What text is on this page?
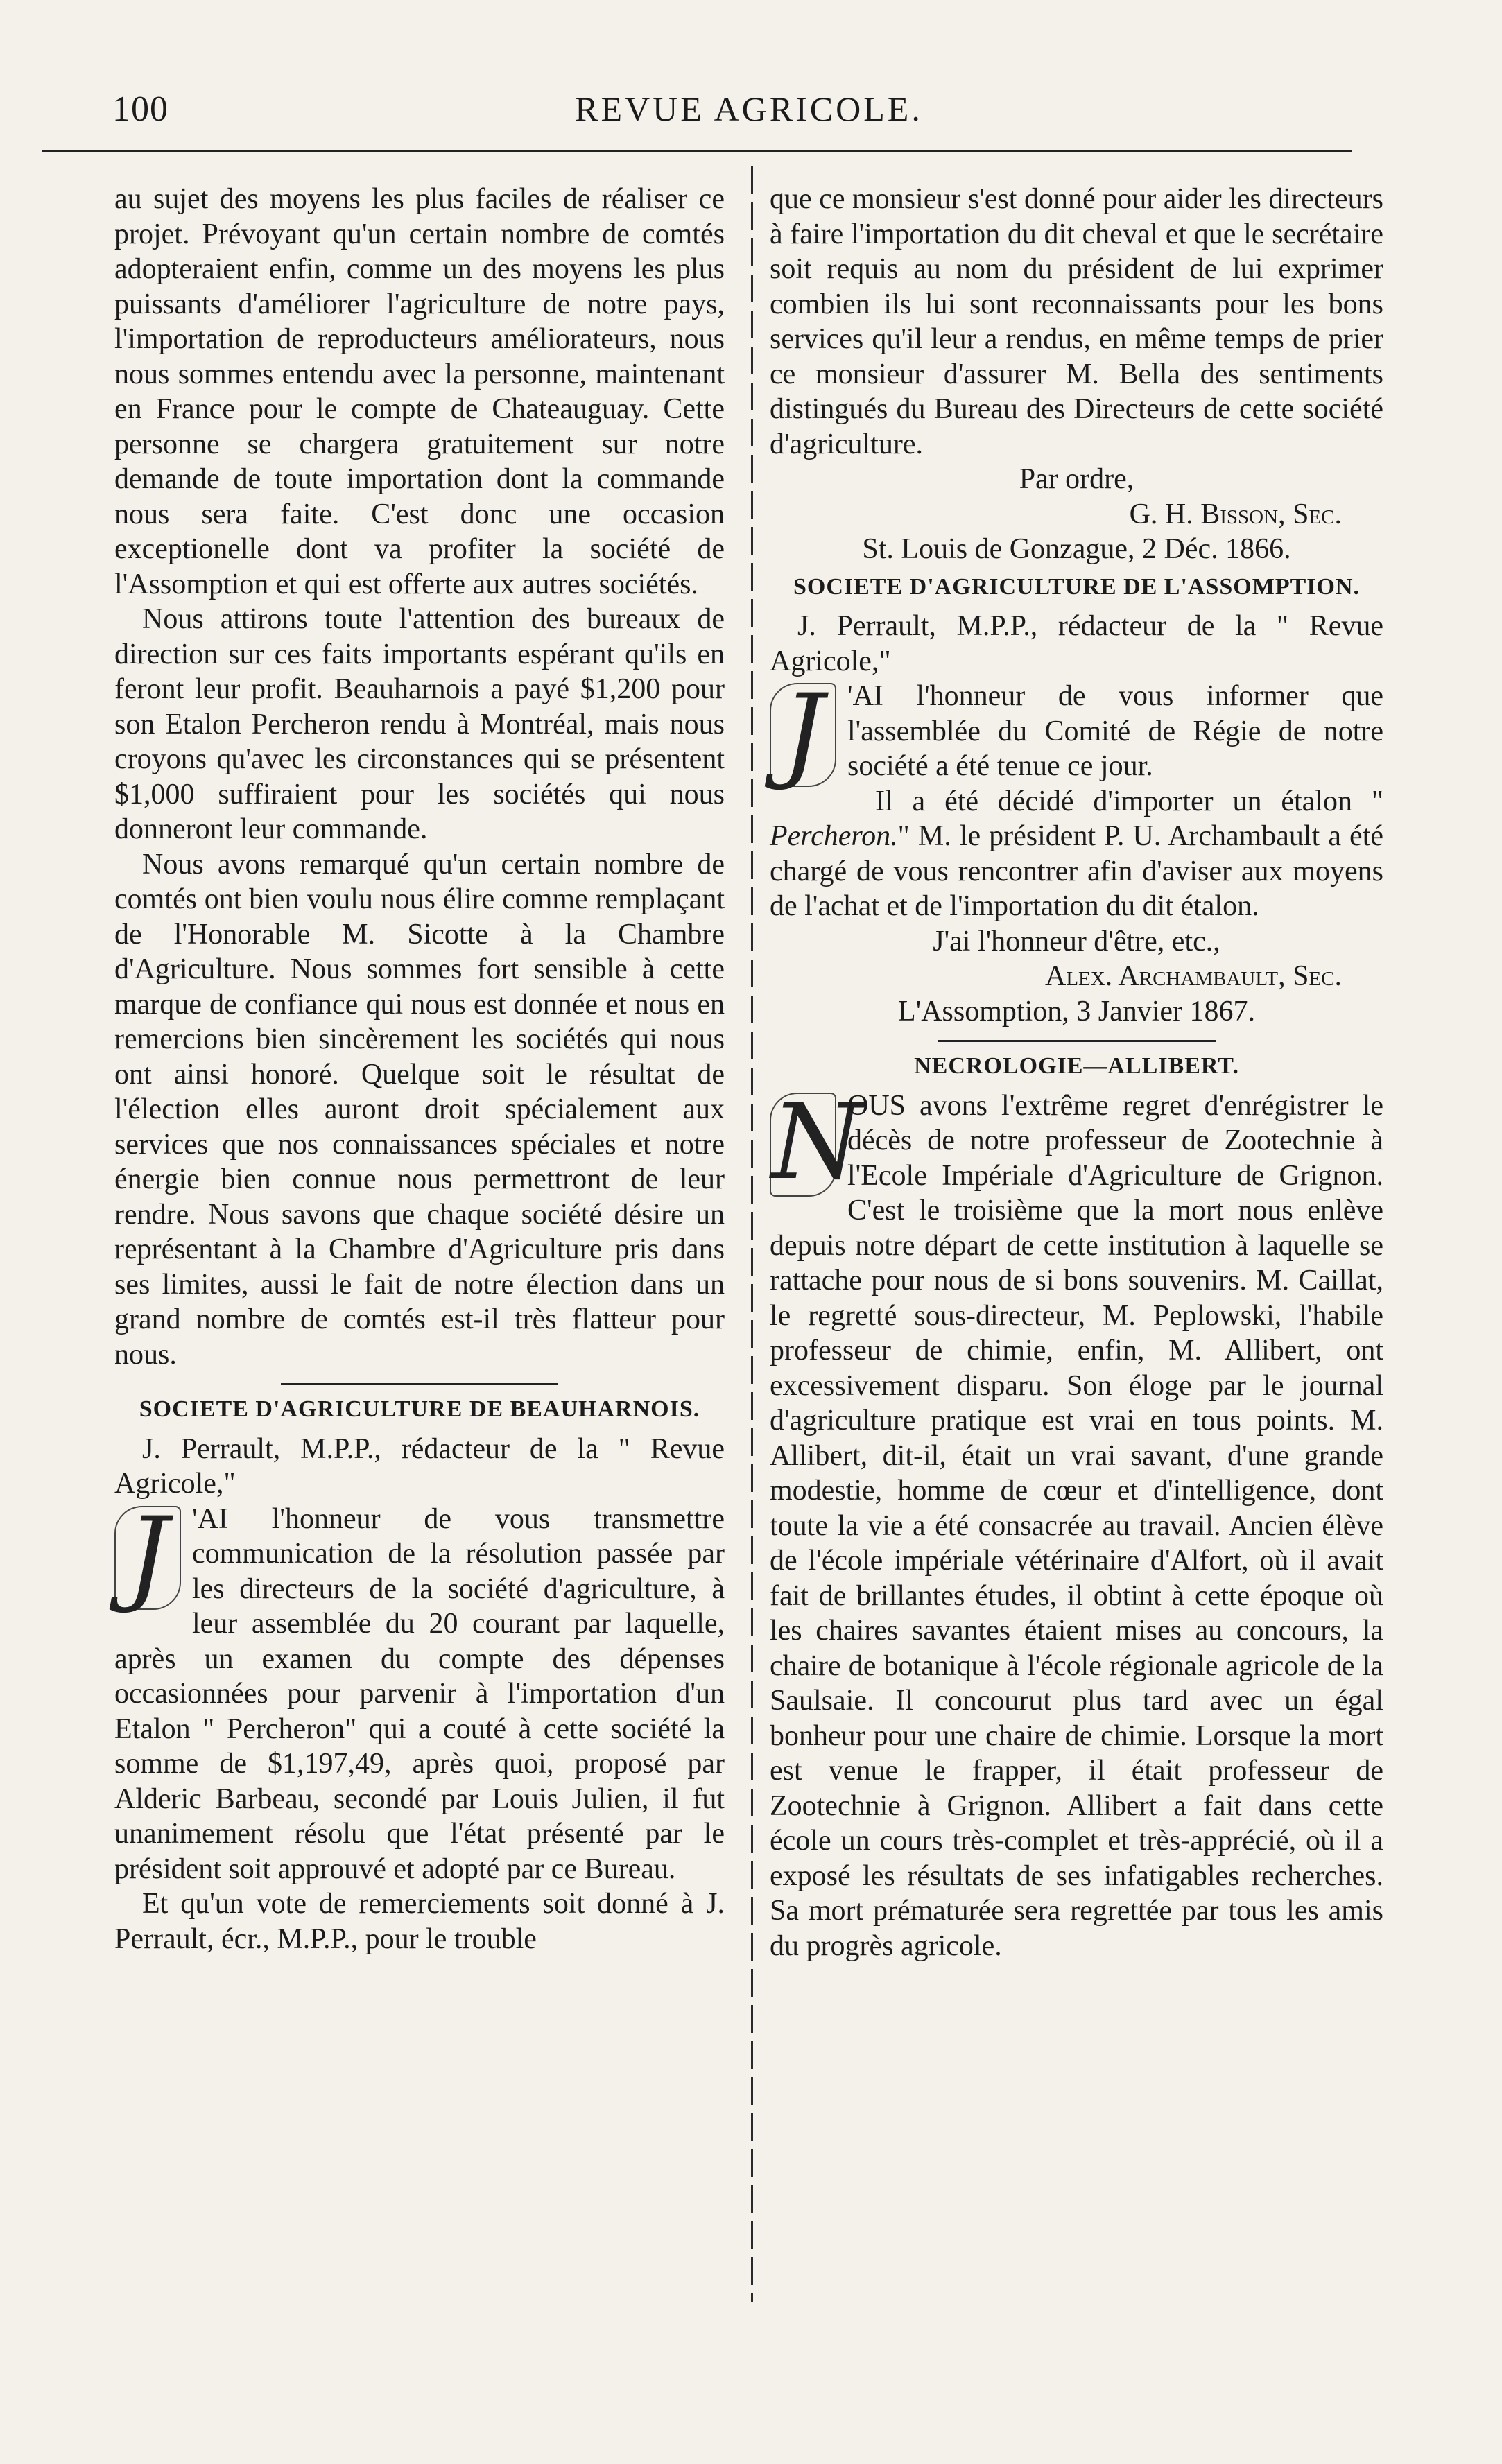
100	REVUE AGRICOLE.

au sujet des moyens les plus faciles de réaliser ce projet. Prévoyant qu'un certain nombre de comtés adopteraient enfin, comme un des moyens les plus puissants d'améliorer l'agriculture de notre pays, l'importation de reproducteurs améliorateurs, nous nous sommes entendu avec la personne, maintenant en France pour le compte de Chateauguay. Cette personne se chargera gratuitement sur notre demande de toute importation dont la commande nous sera faite. C'est donc une occasion exceptionelle dont va profiter la société de l'Assomption et qui est offerte aux autres sociétés.

Nous attirons toute l'attention des bureaux de direction sur ces faits importants espérant qu'ils en feront leur profit. Beauharnois a payé $1,200 pour son Etalon Percheron rendu à Montréal, mais nous croyons qu'avec les circonstances qui se présentent $1,000 suffiraient pour les sociétés qui nous donneront leur commande.

Nous avons remarqué qu'un certain nombre de comtés ont bien voulu nous élire comme remplaçant de l'Honorable M. Sicotte à la Chambre d'Agriculture. Nous sommes fort sensible à cette marque de confiance qui nous est donnée et nous en remercions bien sincèrement les sociétés qui nous ont ainsi honoré. Quelque soit le résultat de l'élection elles auront droit spécialement aux services que nos connaissances spéciales et notre énergie bien connue nous permettront de leur rendre. Nous savons que chaque société désire un représentant à la Chambre d'Agriculture pris dans ses limites, aussi le fait de notre élection dans un grand nombre de comtés est-il très flatteur pour nous.

SOCIETE D'AGRICULTURE DE BEAUHARNOIS.

J. Perrault, M.P.P., rédacteur de la " Revue Agricole,"

J 'AI l'honneur de vous transmettre communication de la résolution passée par les directeurs de la société d'agriculture, à leur assemblée du 20 courant par laquelle, après un examen du compte des dépenses occasionnées pour parvenir à l'importation d'un Etalon " Percheron" qui a couté à cette société la somme de $1,197,49, après quoi, proposé par Alderic Barbeau, secondé par Louis Julien, il fut unanimement résolu que l'état présenté par le président soit approuvé et adopté par ce Bureau.

Et qu'un vote de remerciements soit donné à J. Perrault, écr., M.P.P., pour le trouble

que ce monsieur s'est donné pour aider les directeurs à faire l'importation du dit cheval et que le secrétaire soit requis au nom du président de lui exprimer combien ils lui sont reconnaissants pour les bons services qu'il leur a rendus, en même temps de prier ce monsieur d'assurer M. Bella des sentiments distingués du Bureau des Directeurs de cette société d'agriculture.

Par ordre,

G. H. Bisson, Sec.

St. Louis de Gonzague, 2 Déc. 1866.

SOCIETE D'AGRICULTURE DE L'ASSOMPTION.

J. Perrault, M.P.P., rédacteur de la " Revue Agricole,"

J 'AI l'honneur de vous informer que l'assemblée du Comité de Régie de notre société a été tenue ce jour.

Il a été décidé d'importer un étalon " Percheron." M. le président P. U. Archambault a été chargé de vous rencontrer afin d'aviser aux moyens de l'achat et de l'importation du dit étalon.

J'ai l'honneur d'être, etc.,

Alex. Archambault, Sec.

L'Assomption, 3 Janvier 1867.

NECROLOGIE—ALLIBERT.

N
OUS avons l'extrême regret d'enrégistrer le décès de notre professeur de Zootechnie à l'Ecole Impériale d'Agriculture de Grignon. C'est le troisième que la mort nous enlève depuis notre départ de cette institution à laquelle se rattache pour nous de si bons souvenirs. M. Caillat, le regretté sous-directeur, M. Peplowski, l'habile professeur de chimie, enfin, M. Allibert, ont excessivement disparu. Son éloge par le journal d'agriculture pratique est vrai en tous points. M. Allibert, dit-il, était un vrai savant, d'une grande modestie, homme de cœur et d'intelligence, dont toute la vie a été consacrée au travail. Ancien élève de l'école impériale vétérinaire d'Alfort, où il avait fait de brillantes études, il obtint à cette époque où les chaires savantes étaient mises au concours, la chaire de botanique à l'école régionale agricole de la Saulsaie. Il concourut plus tard avec un égal bonheur pour une chaire de chimie. Lorsque la mort est venue le frapper, il était professeur de Zootechnie à Grignon. Allibert a fait dans cette école un cours très-complet et très-apprécié, où il a exposé les résultats de ses infatigables recherches. Sa mort prématurée sera regrettée par tous les amis du progrès agricole.
